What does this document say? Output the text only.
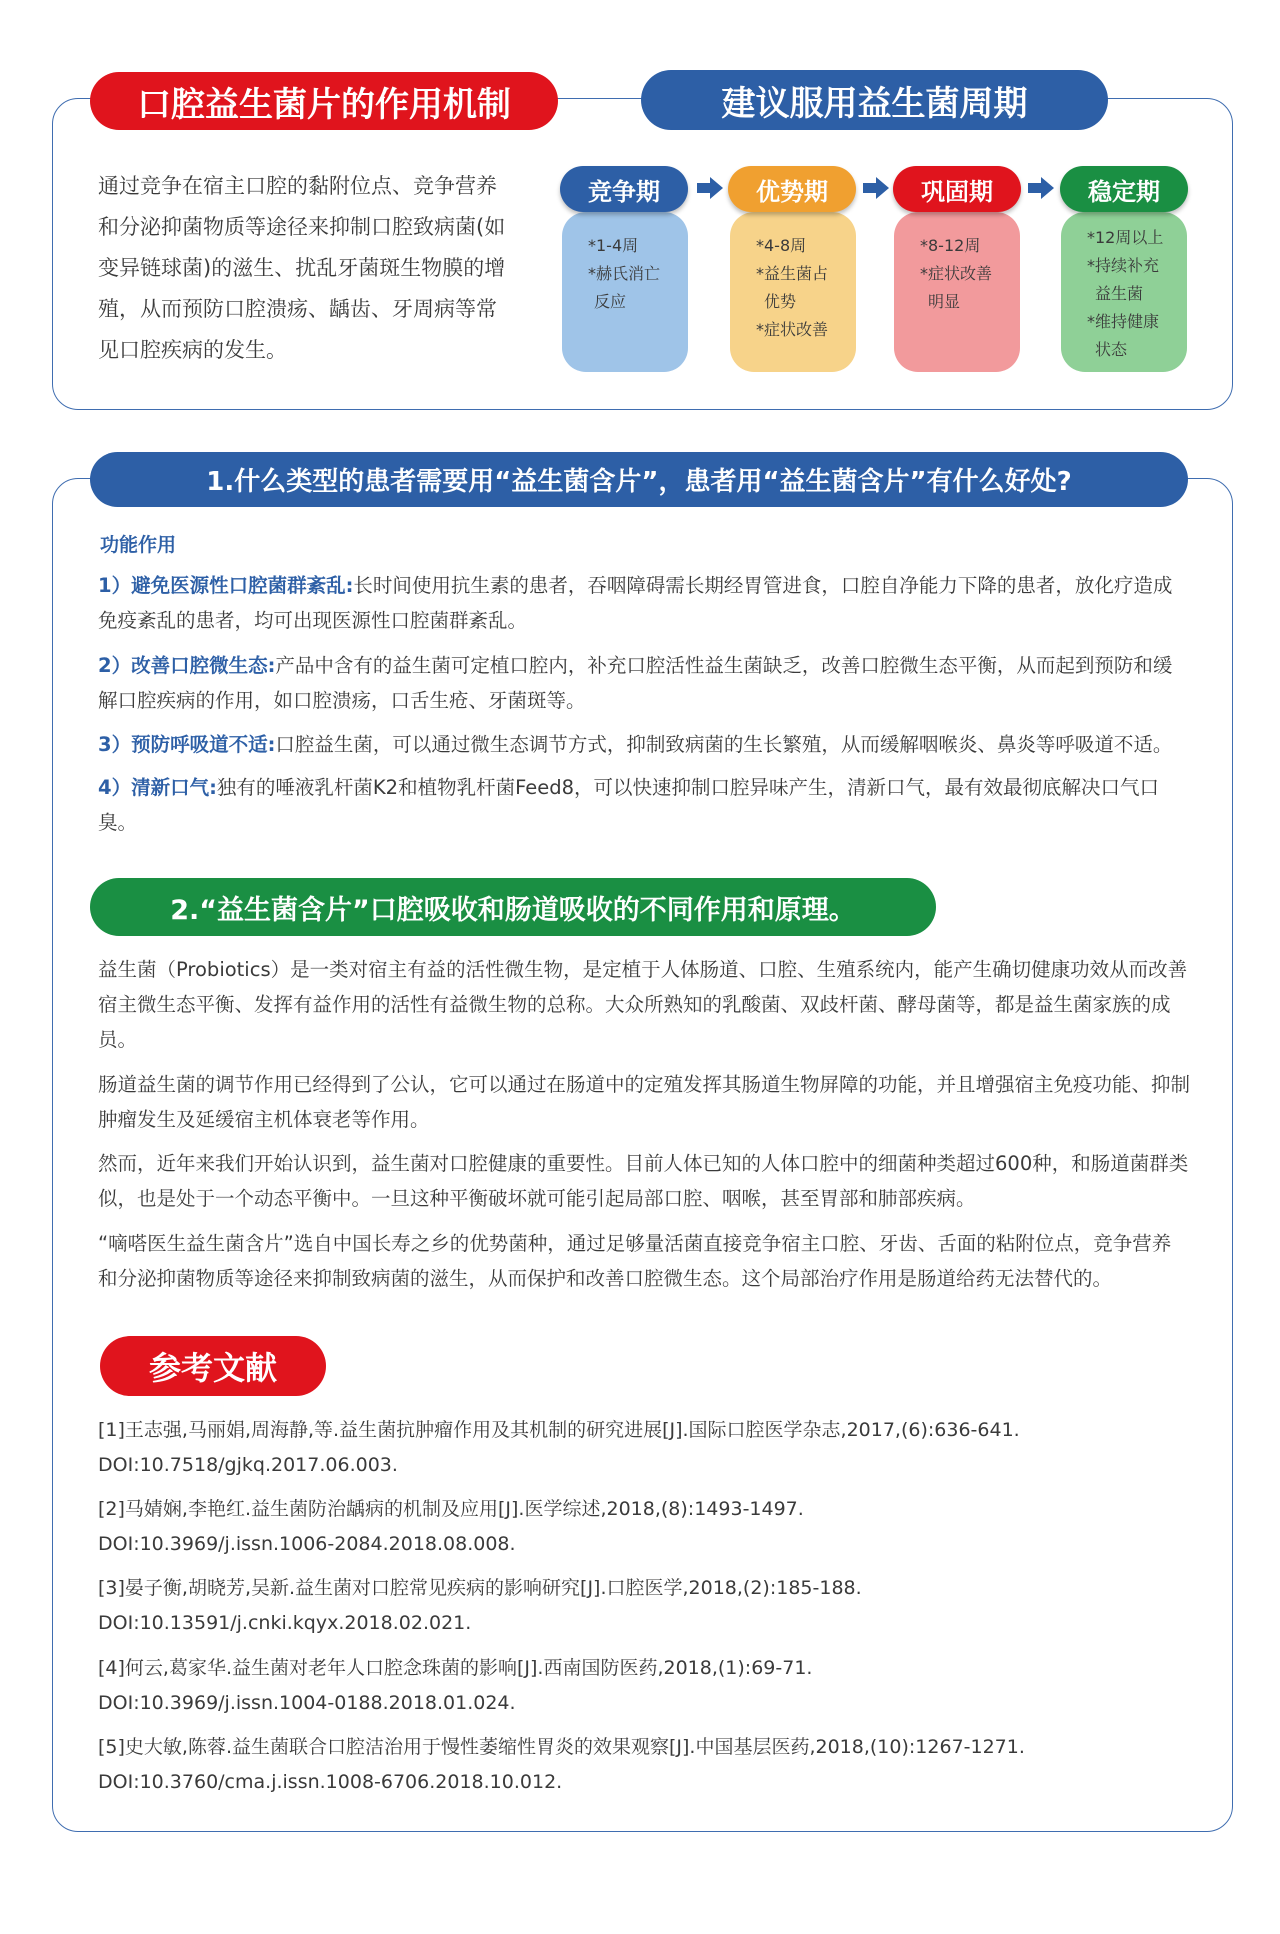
口腔益生菌片的作用机制	建议服用益生菌周期

通过竞争在宿主口腔的黏附位点、竞争营养和分泌抑菌物质等途径来抑制口腔致病菌(如变异链球菌)的滋生、扰乱牙菌斑生物膜的增殖，从而预防口腔溃疡、龋齿、牙周病等常见口腔疾病的发生。

*1-4周
*赫氏消亡
反应
竞争期
*4-8周
*益生菌占
优势
*症状改善
优势期
*8-12周
*症状改善
明显
巩固期
*12周以上
*持续补充
益生菌
*维持健康
状态
稳定期
1.什么类型的患者需要用“益生菌含片”，患者用“益生菌含片”有什么好处?
功能作用

1）避免医源性口腔菌群紊乱:长时间使用抗生素的患者，吞咽障碍需长期经胃管进食，口腔自净能力下降的患者，放化疗造成免疫紊乱的患者，均可出现医源性口腔菌群紊乱。

2）改善口腔微生态:产品中含有的益生菌可定植口腔内，补充口腔活性益生菌缺乏，改善口腔微生态平衡，从而起到预防和缓解口腔疾病的作用，如口腔溃疡，口舌生疮、牙菌斑等。

3）预防呼吸道不适:口腔益生菌，可以通过微生态调节方式，抑制致病菌的生长繁殖，从而缓解咽喉炎、鼻炎等呼吸道不适。

4）清新口气:独有的唾液乳杆菌K2和植物乳杆菌Feed8，可以快速抑制口腔异味产生，清新口气，最有效最彻底解决口气口臭。

2.“益生菌含片”口腔吸收和肠道吸收的不同作用和原理。

益生菌（Probiotics）是一类对宿主有益的活性微生物，是定植于人体肠道、口腔、生殖系统内，能产生确切健康功效从而改善宿主微生态平衡、发挥有益作用的活性有益微生物的总称。大众所熟知的乳酸菌、双歧杆菌、酵母菌等，都是益生菌家族的成员。

肠道益生菌的调节作用已经得到了公认，它可以通过在肠道中的定殖发挥其肠道生物屏障的功能，并且增强宿主免疫功能、抑制肿瘤发生及延缓宿主机体衰老等作用。

然而，近年来我们开始认识到，益生菌对口腔健康的重要性。目前人体已知的人体口腔中的细菌种类超过600种，和肠道菌群类似，也是处于一个动态平衡中。一旦这种平衡破坏就可能引起局部口腔、咽喉，甚至胃部和肺部疾病。

“嘀嗒医生益生菌含片”选自中国长寿之乡的优势菌种，通过足够量活菌直接竞争宿主口腔、牙齿、舌面的粘附位点，竞争营养和分泌抑菌物质等途径来抑制致病菌的滋生，从而保护和改善口腔微生态。这个局部治疗作用是肠道给药无法替代的。

参考文献
[1]王志强,马丽娟,周海静,等.益生菌抗肿瘤作用及其机制的研究进展[J].国际口腔医学杂志,2017,(6):636-641.
DOI:10.7518/gjkq.2017.06.003.
[2]马婧娴,李艳红.益生菌防治龋病的机制及应用[J].医学综述,2018,(8):1493-1497.
DOI:10.3969/j.issn.1006-2084.2018.08.008.
[3]晏子衡,胡晓芳,吴新.益生菌对口腔常见疾病的影响研究[J].口腔医学,2018,(2):185-188.
DOI:10.13591/j.cnki.kqyx.2018.02.021.
[4]何云,葛家华.益生菌对老年人口腔念珠菌的影响[J].西南国防医药,2018,(1):69-71.
DOI:10.3969/j.issn.1004-0188.2018.01.024.
[5]史大敏,陈蓉.益生菌联合口腔洁治用于慢性萎缩性胃炎的效果观察[J].中国基层医药,2018,(10):1267-1271.
DOI:10.3760/cma.j.issn.1008-6706.2018.10.012.
